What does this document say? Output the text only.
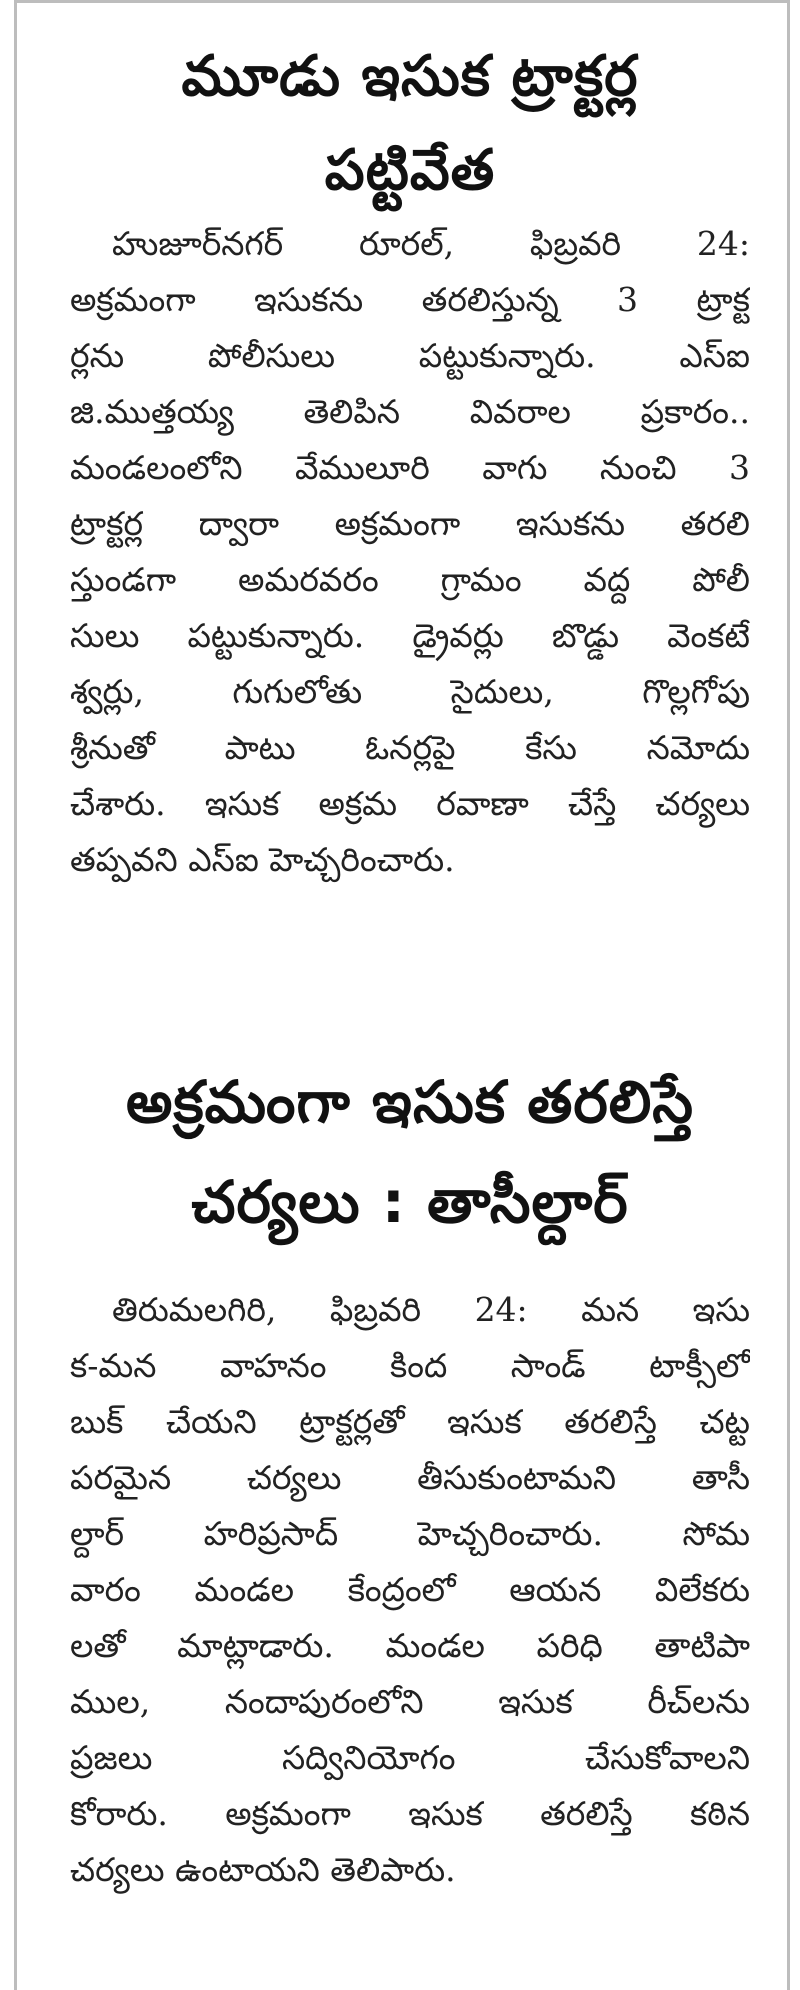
మూడు ఇసుక ట్రాక్టర్ల
పట్టివేత
హుజూర్‌నగర్ రూరల్, ఫిబ్రవరి 24:
అక్రమంగా ఇసుకను తరలిస్తున్న 3 ట్రాక్ట
ర్లను పోలీసులు పట్టుకున్నారు. ఎస్ఐ
జి.ముత్తయ్య తెలిపిన వివరాల ప్రకారం..
మండలంలోని వేములూరి వాగు నుంచి 3
ట్రాక్టర్ల ద్వారా అక్రమంగా ఇసుకను తరలి
స్తుండగా అమరవరం గ్రామం వద్ద పోలీ
సులు పట్టుకున్నారు. డ్రైవర్లు బొడ్డు వెంకటే
శ్వర్లు, గుగులోతు సైదులు, గొల్లగోపు
శ్రీనుతో పాటు ఓనర్లపై కేసు నమోదు
చేశారు. ఇసుక అక్రమ రవాణా చేస్తే చర్యలు
తప్పవని ఎస్ఐ హెచ్చరించారు.
అక్రమంగా ఇసుక తరలిస్తే
చర్యలు : తాసీల్దార్
తిరుమలగిరి, ఫిబ్రవరి 24: మన ఇసు
క-మన వాహనం కింద సాండ్ టాక్సీలో
బుక్ చేయని ట్రాక్టర్లతో ఇసుక తరలిస్తే చట్ట
పరమైన చర్యలు తీసుకుంటామని తాసీ
ల్దార్ హరిప్రసాద్ హెచ్చరించారు. సోమ
వారం మండల కేంద్రంలో ఆయన విలేకరు
లతో మాట్లాడారు. మండల పరిధి తాటిపా
ముల, నందాపురంలోని ఇసుక రీచ్‌లను
ప్రజలు సద్వినియోగం చేసుకోవాలని
కోరారు. అక్రమంగా ఇసుక తరలిస్తే కఠిన
చర్యలు ఉంటాయని తెలిపారు.
